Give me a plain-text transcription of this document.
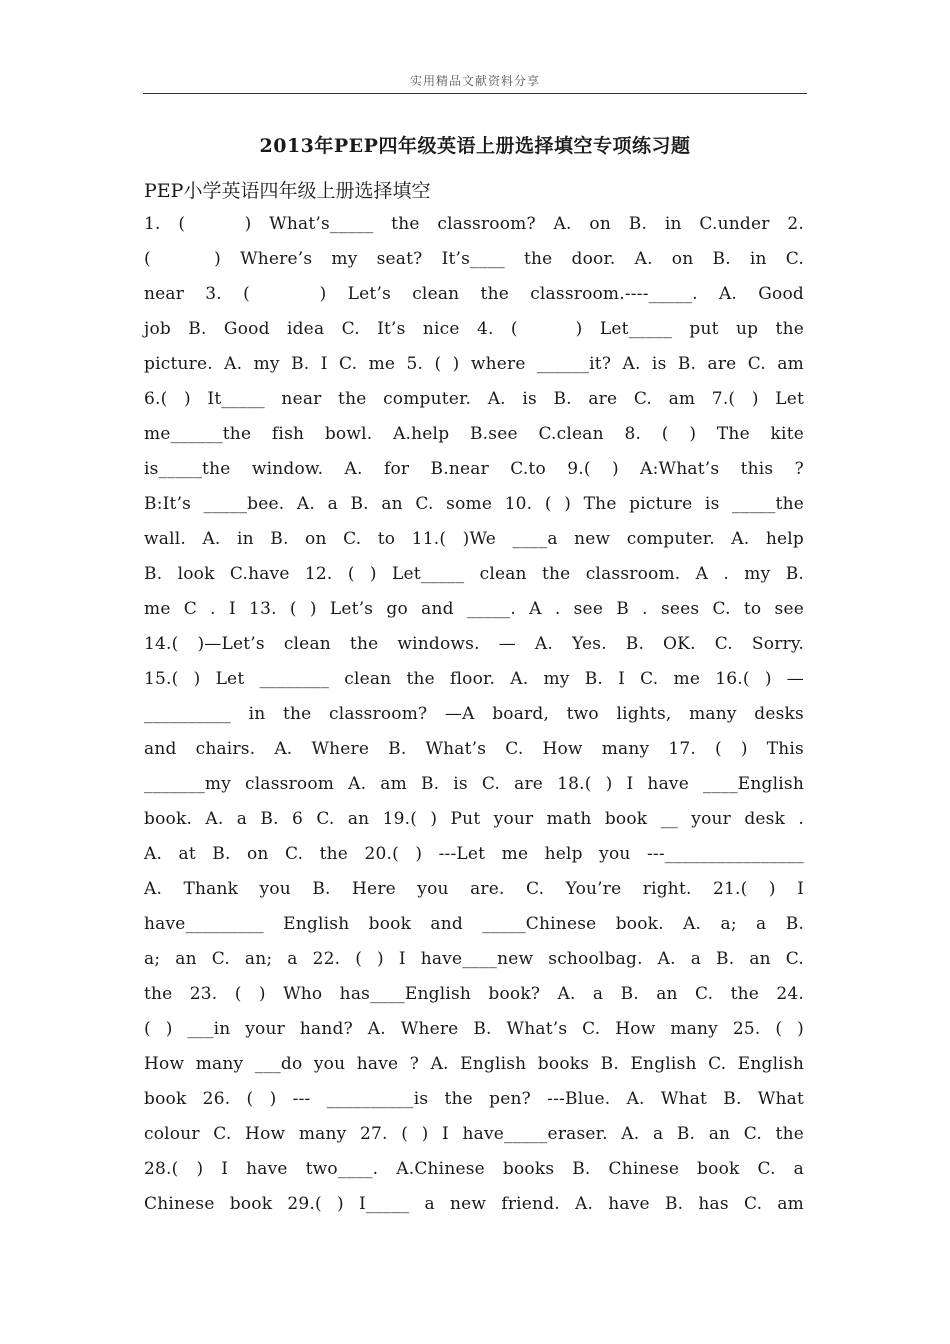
实用精品文献资料分享
2013年PEP四年级英语上册选择填空专项练习题
PEP小学英语四年级上册选择填空
1. (　 ) What’s_____ the classroom? A. on B. in C.under 2.
(　 ) Where’s my seat? It’s____ the door. A. on B. in C.
near 3. (　 ) Let’s clean the classroom.----_____. A. Good
job B. Good idea C. It’s nice 4. (　 ) Let_____ put up the
picture. A. my B. I C. me 5. ( ) where ______it? A. is B. are C. am
6.( ) It_____ near the computer. A. is B. are C. am 7.( ) Let
me______the fish bowl. A.help B.see C.clean 8. ( ) The kite
is_____the window. A. for B.near C.to 9.( ) A:What’s this ?
B:It’s _____bee. A. a B. an C. some 10. ( ) The picture is _____the
wall. A. in B. on C. to 11.( )We ____a new computer. A. help
B. look C.have 12. ( ) Let_____ clean the classroom. A . my B.
me C . I 13. ( ) Let’s go and _____. A . see B . sees C. to see
14.( )—Let’s clean the windows. — A. Yes. B. OK. C. Sorry.
15.( ) Let ________ clean the floor. A. my B. I C. me 16.( ) —
__________ in the classroom? —A board, two lights, many desks
and chairs. A. Where B. What’s C. How many 17. ( ) This
_______my classroom A. am B. is C. are 18.( ) I have ____English
book. A. a B. 6 C. an 19.( ) Put your math book __ your desk .
A. at B. on C. the 20.( ) ---Let me help you ---________________
A. Thank you B. Here you are. C. You’re right. 21.( ) I
have_________ English book and _____Chinese book. A. a; a B.
a; an C. an; a 22. ( ) I have____new schoolbag. A. a B. an C.
the 23. ( ) Who has____English book? A. a B. an C. the 24.
( ) ___in your hand? A. Where B. What’s C. How many 25. ( )
How many ___do you have ? A. English books B. English C. English
book 26. ( ) --- __________is the pen? ---Blue. A. What B. What
colour C. How many 27. ( ) I have_____eraser. A. a B. an C. the
28.( ) I have two____. A.Chinese books B. Chinese book C. a
Chinese book 29.( ) I_____ a new friend. A. have B. has C. am
